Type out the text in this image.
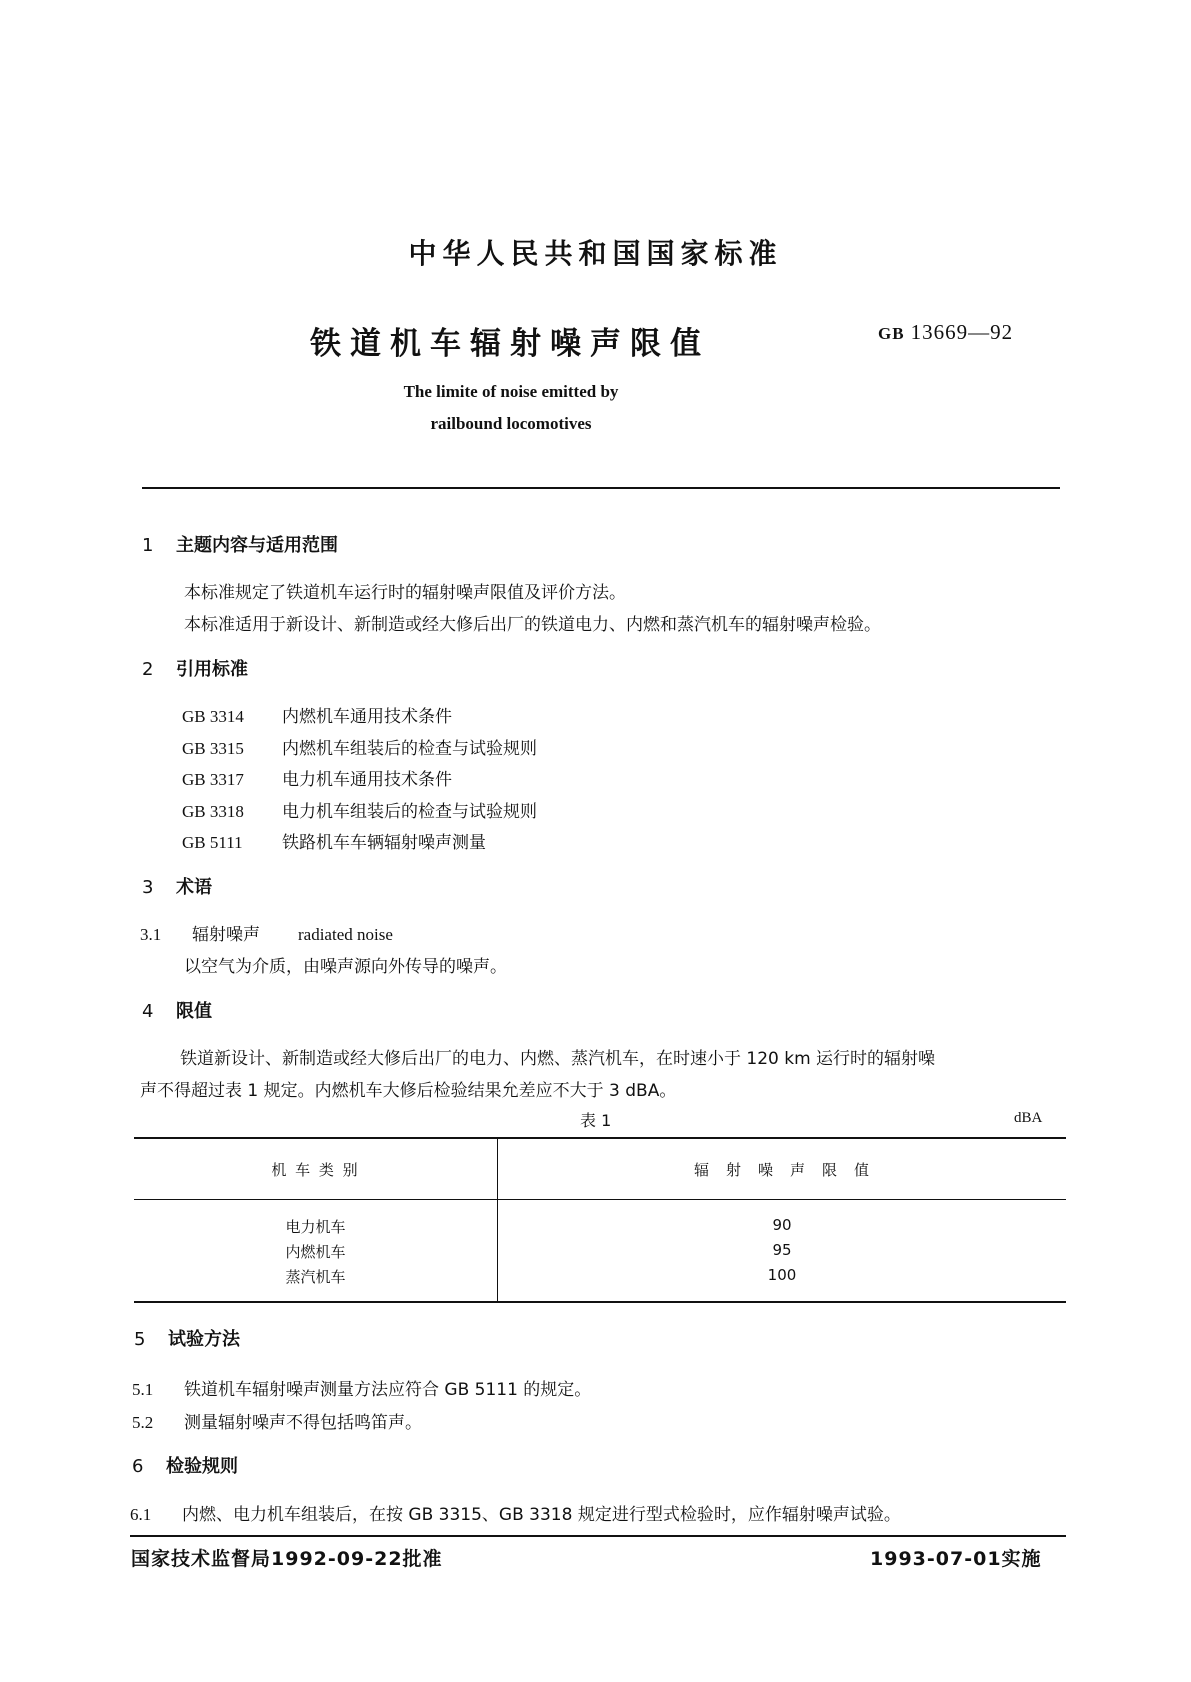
中华人民共和国国家标准
铁道机车辐射噪声限值	GB 13669—92
The limite of noise emitted by
railbound locomotives
1 主题内容与适用范围
本标准规定了铁道机车运行时的辐射噪声限值及评价方法。
本标准适用于新设计、新制造或经大修后出厂的铁道电力、内燃和蒸汽机车的辐射噪声检验。
2 引用标准
GB 3314 内燃机车通用技术条件
GB 3315 内燃机车组装后的检查与试验规则
GB 3317 电力机车通用技术条件
GB 3318 电力机车组装后的检查与试验规则
GB 5111 铁路机车车辆辐射噪声测量
3 术语
3.1 辐射噪声 radiated noise
以空气为介质，由噪声源向外传导的噪声。
4 限值
铁道新设计、新制造或经大修后出厂的电力、内燃、蒸汽机车，在时速小于 120 km 运行时的辐射噪
声不得超过表 1 规定。内燃机车大修后检验结果允差应不大于 3 dBA。
表 1	dBA
机 车 类 别	辐　射　噪　声　限　值
电力机车	90
内燃机车	95
蒸汽机车	100
5 试验方法
5.1 铁道机车辐射噪声测量方法应符合 GB 5111 的规定。
5.2 测量辐射噪声不得包括鸣笛声。
6 检验规则
6.1 内燃、电力机车组装后，在按 GB 3315、GB 3318 规定进行型式检验时，应作辐射噪声试验。
国家技术监督局1992-09-22批准	1993-07-01实施
